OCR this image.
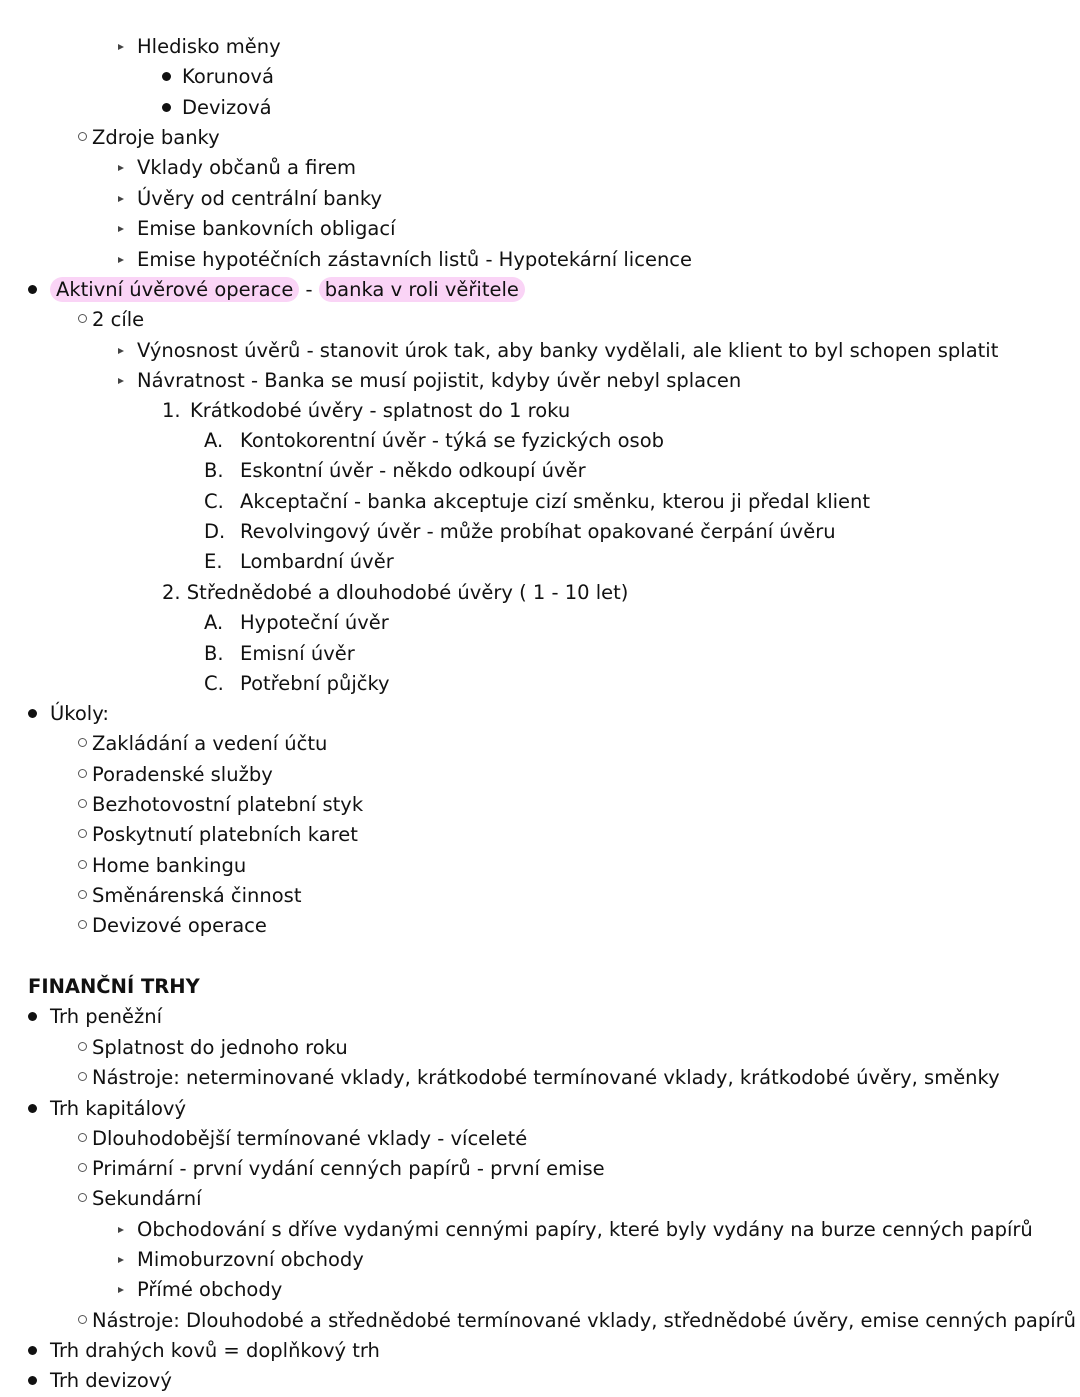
Hledisko měny
Korunová
Devizová
Zdroje banky
Vklady občanů a firem
Úvěry od centrální banky
Emise bankovních obligací
Emise hypotéčních zástavních listů - Hypotekární licence
Aktivní úvěrové operace - banka v roli věřitele
2 cíle
Výnosnost úvěrů - stanovit úrok tak, aby banky vydělali, ale klient to byl schopen splatit
Návratnost - Banka se musí pojistit, kdyby úvěr nebyl splacen
1. Krátkodobé úvěry - splatnost do 1 roku
A. Kontokorentní úvěr - týká se fyzických osob
B. Eskontní úvěr - někdo odkoupí úvěr
C. Akceptační - banka akceptuje cizí směnku, kterou ji předal klient
D. Revolvingový úvěr - může probíhat opakované čerpání úvěru
E. Lombardní úvěr
2. Střednědobé a dlouhodobé úvěry ( 1 - 10 let)
A. Hypoteční úvěr
B. Emisní úvěr
C. Potřební půjčky
Úkoly:
Zakládání a vedení účtu
Poradenské služby
Bezhotovostní platební styk
Poskytnutí platebních karet
Home bankingu
Směnárenská činnost
Devizové operace
FINANČNÍ TRHY
Trh peněžní
Splatnost do jednoho roku
Nástroje: neterminované vklady, krátkodobé termínované vklady, krátkodobé úvěry, směnky
Trh kapitálový
Dlouhodobější termínované vklady - víceleté
Primární - první vydání cenných papírů - první emise
Sekundární
Obchodování s dříve vydanými cennými papíry, které byly vydány na burze cenných papírů
Mimoburzovní obchody
Přímé obchody
Nástroje: Dlouhodobé a střednědobé termínované vklady, střednědobé úvěry, emise cenných papírů
Trh drahých kovů = doplňkový trh
Trh devizový
